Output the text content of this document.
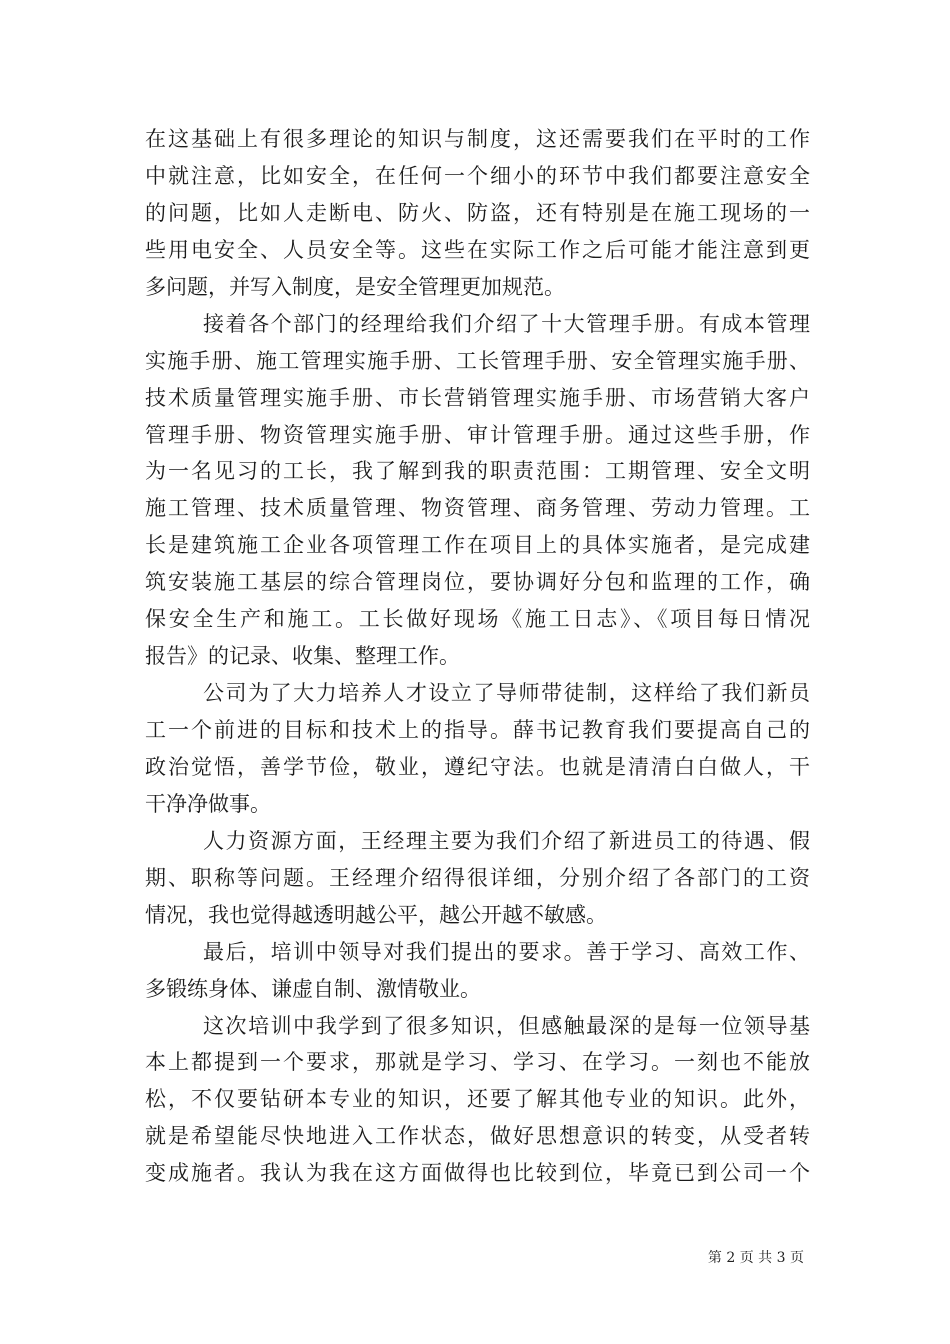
在这基础上有很多理论的知识与制度，这还需要我们在平时的工作
中就注意，比如安全，在任何一个细小的环节中我们都要注意安全
的问题，比如人走断电、防火、防盗，还有特别是在施工现场的一
些用电安全、人员安全等。这些在实际工作之后可能才能注意到更
多问题，并写入制度，是安全管理更加规范。
接着各个部门的经理给我们介绍了十大管理手册。有成本管理
实施手册、施工管理实施手册、工长管理手册、安全管理实施手册、
技术质量管理实施手册、市长营销管理实施手册、市场营销大客户
管理手册、物资管理实施手册、审计管理手册。通过这些手册，作
为一名见习的工长，我了解到我的职责范围：工期管理、安全文明
施工管理、技术质量管理、物资管理、商务管理、劳动力管理。工
长是建筑施工企业各项管理工作在项目上的具体实施者，是完成建
筑安装施工基层的综合管理岗位，要协调好分包和监理的工作，确
保安全生产和施工。工长做好现场《施工日志》、《项目每日情况
报告》的记录、收集、整理工作。
公司为了大力培养人才设立了导师带徒制，这样给了我们新员
工一个前进的目标和技术上的指导。薛书记教育我们要提高自己的
政治觉悟，善学节俭，敬业，遵纪守法。也就是清清白白做人，干
干净净做事。
人力资源方面，王经理主要为我们介绍了新进员工的待遇、假
期、职称等问题。王经理介绍得很详细，分别介绍了各部门的工资
情况，我也觉得越透明越公平，越公开越不敏感。
最后，培训中领导对我们提出的要求。善于学习、高效工作、
多锻练身体、谦虚自制、激情敬业。
这次培训中我学到了很多知识，但感触最深的是每一位领导基
本上都提到一个要求，那就是学习、学习、在学习。一刻也不能放
松，不仅要钻研本专业的知识，还要了解其他专业的知识。此外，
就是希望能尽快地进入工作状态，做好思想意识的转变，从受者转
变成施者。我认为我在这方面做得也比较到位，毕竟已到公司一个
第 2 页 共 3 页
